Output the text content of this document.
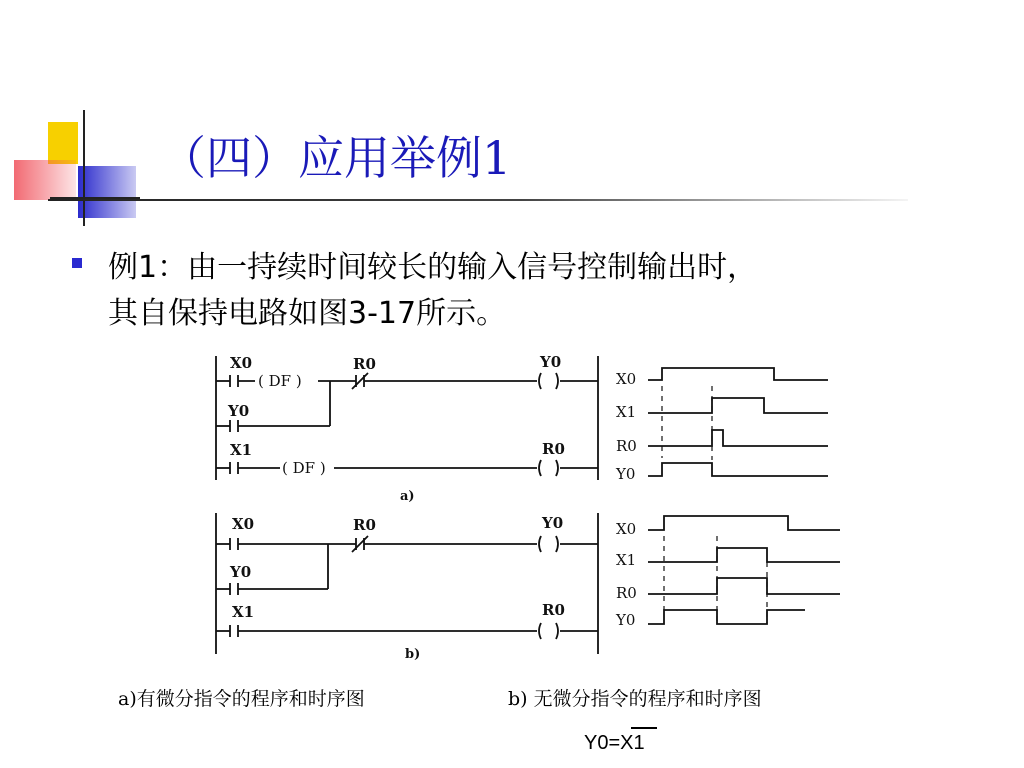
（四）应用举例1
例1：由一持续时间较长的输入信号控制输出时，
其自保持电路如图3-17所示。
( DF )
X0	R0	Y0
Y0
( DF )
X1	R0
a)
X0
X1
R0
Y0
X0	R0	Y0
Y0
X1	R0
b)
X0
X1
R0
Y0
a)有微分指令的程序和时序图	b) 无微分指令的程序和时序图
Y0=X1
